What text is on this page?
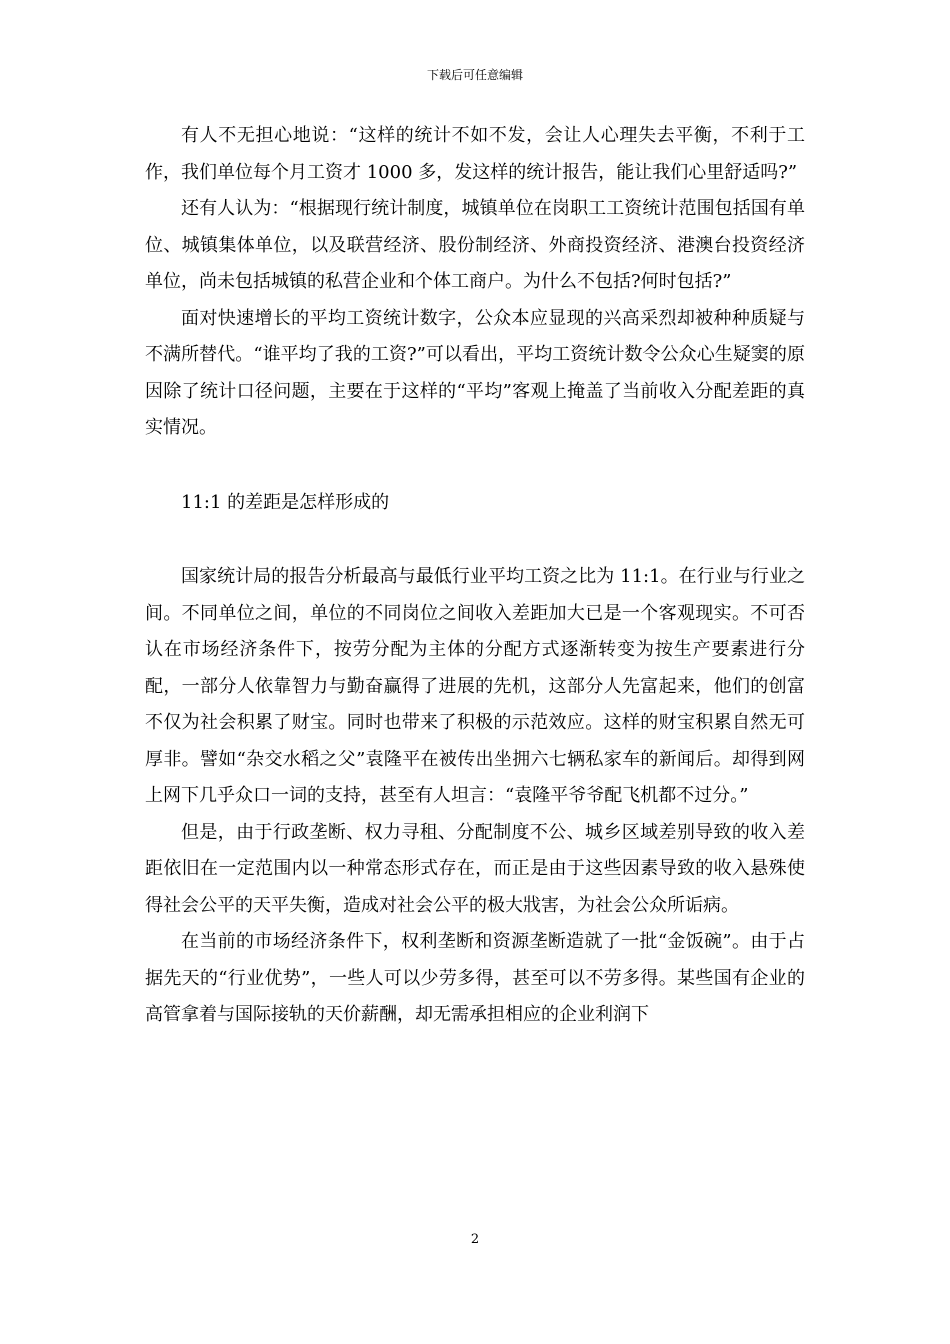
下载后可任意编辑

有人不无担心地说：“这样的统计不如不发，会让人心理失去平衡，不利于工作，我们单位每个月工资才 1000 多，发这样的统计报告，能让我们心里舒适吗?”

还有人认为：“根据现行统计制度，城镇单位在岗职工工资统计范围包括国有单位、城镇集体单位，以及联营经济、股份制经济、外商投资经济、港澳台投资经济单位，尚未包括城镇的私营企业和个体工商户。为什么不包括?何时包括?”

面对快速增长的平均工资统计数字，公众本应显现的兴高采烈却被种种质疑与不满所替代。“谁平均了我的工资?”可以看出，平均工资统计数令公众心生疑窦的原因除了统计口径问题，主要在于这样的“平均”客观上掩盖了当前收入分配差距的真实情况。

11:1 的差距是怎样形成的

国家统计局的报告分析最高与最低行业平均工资之比为 11:1。在行业与行业之间。不同单位之间，单位的不同岗位之间收入差距加大已是一个客观现实。不可否认在市场经济条件下，按劳分配为主体的分配方式逐渐转变为按生产要素进行分配，一部分人依靠智力与勤奋赢得了进展的先机，这部分人先富起来，他们的创富不仅为社会积累了财宝。同时也带来了积极的示范效应。这样的财宝积累自然无可厚非。譬如“杂交水稻之父”袁隆平在被传出坐拥六七辆私家车的新闻后。却得到网上网下几乎众口一词的支持，甚至有人坦言：“袁隆平爷爷配飞机都不过分。”

但是，由于行政垄断、权力寻租、分配制度不公、城乡区域差别导致的收入差距依旧在一定范围内以一种常态形式存在，而正是由于这些因素导致的收入悬殊使得社会公平的天平失衡，造成对社会公平的极大戕害，为社会公众所诟病。

在当前的市场经济条件下，权利垄断和资源垄断造就了一批“金饭碗”。由于占据先天的“行业优势”，一些人可以少劳多得，甚至可以不劳多得。某些国有企业的高管拿着与国际接轨的天价薪酬，却无需承担相应的企业利润下

2
